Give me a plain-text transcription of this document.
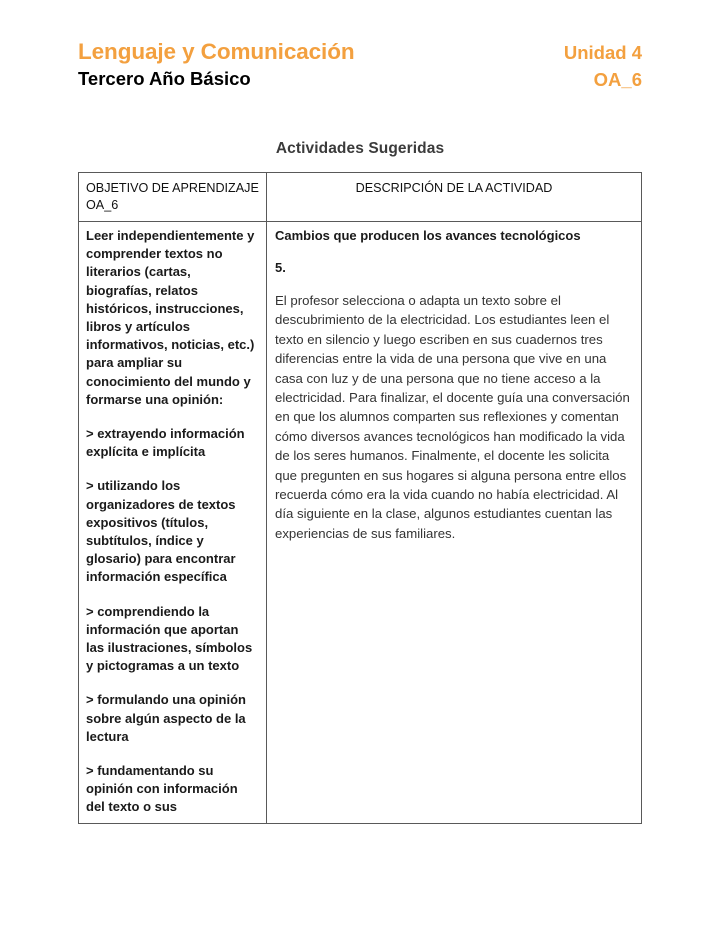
Lenguaje y Comunicación
Tercero Año Básico
Unidad 4
OA_6
Actividades Sugeridas
OBJETIVO DE APRENDIZAJE OA_6
DESCRIPCIÓN DE LA ACTIVIDAD

Leer independientemente y comprender textos no literarios (cartas, biografías, relatos históricos, instrucciones, libros y artículos informativos, noticias, etc.) para ampliar su conocimiento del mundo y formarse una opinión:

> extrayendo información explícita e implícita

> utilizando los organizadores de textos expositivos (títulos, subtítulos, índice y glosario) para encontrar información específica

> comprendiendo la información que aportan las ilustraciones, símbolos y pictogramas a un texto

> formulando una opinión sobre algún aspecto de la lectura

> fundamentando su opinión con información del texto o sus

Cambios que producen los avances tecnológicos

5.

El profesor selecciona o adapta un texto sobre el descubrimiento de la electricidad. Los estudiantes leen el texto en silencio y luego escriben en sus cuadernos tres diferencias entre la vida de una persona que vive en una casa con luz y de una persona que no tiene acceso a la electricidad. Para finalizar, el docente guía una conversación en que los alumnos comparten sus reflexiones y comentan cómo diversos avances tecnológicos han modificado la vida de los seres humanos. Finalmente, el docente les solicita que pregunten en sus hogares si alguna persona entre ellos recuerda cómo era la vida cuando no había electricidad. Al día siguiente en la clase, algunos estudiantes cuentan las experiencias de sus familiares.
